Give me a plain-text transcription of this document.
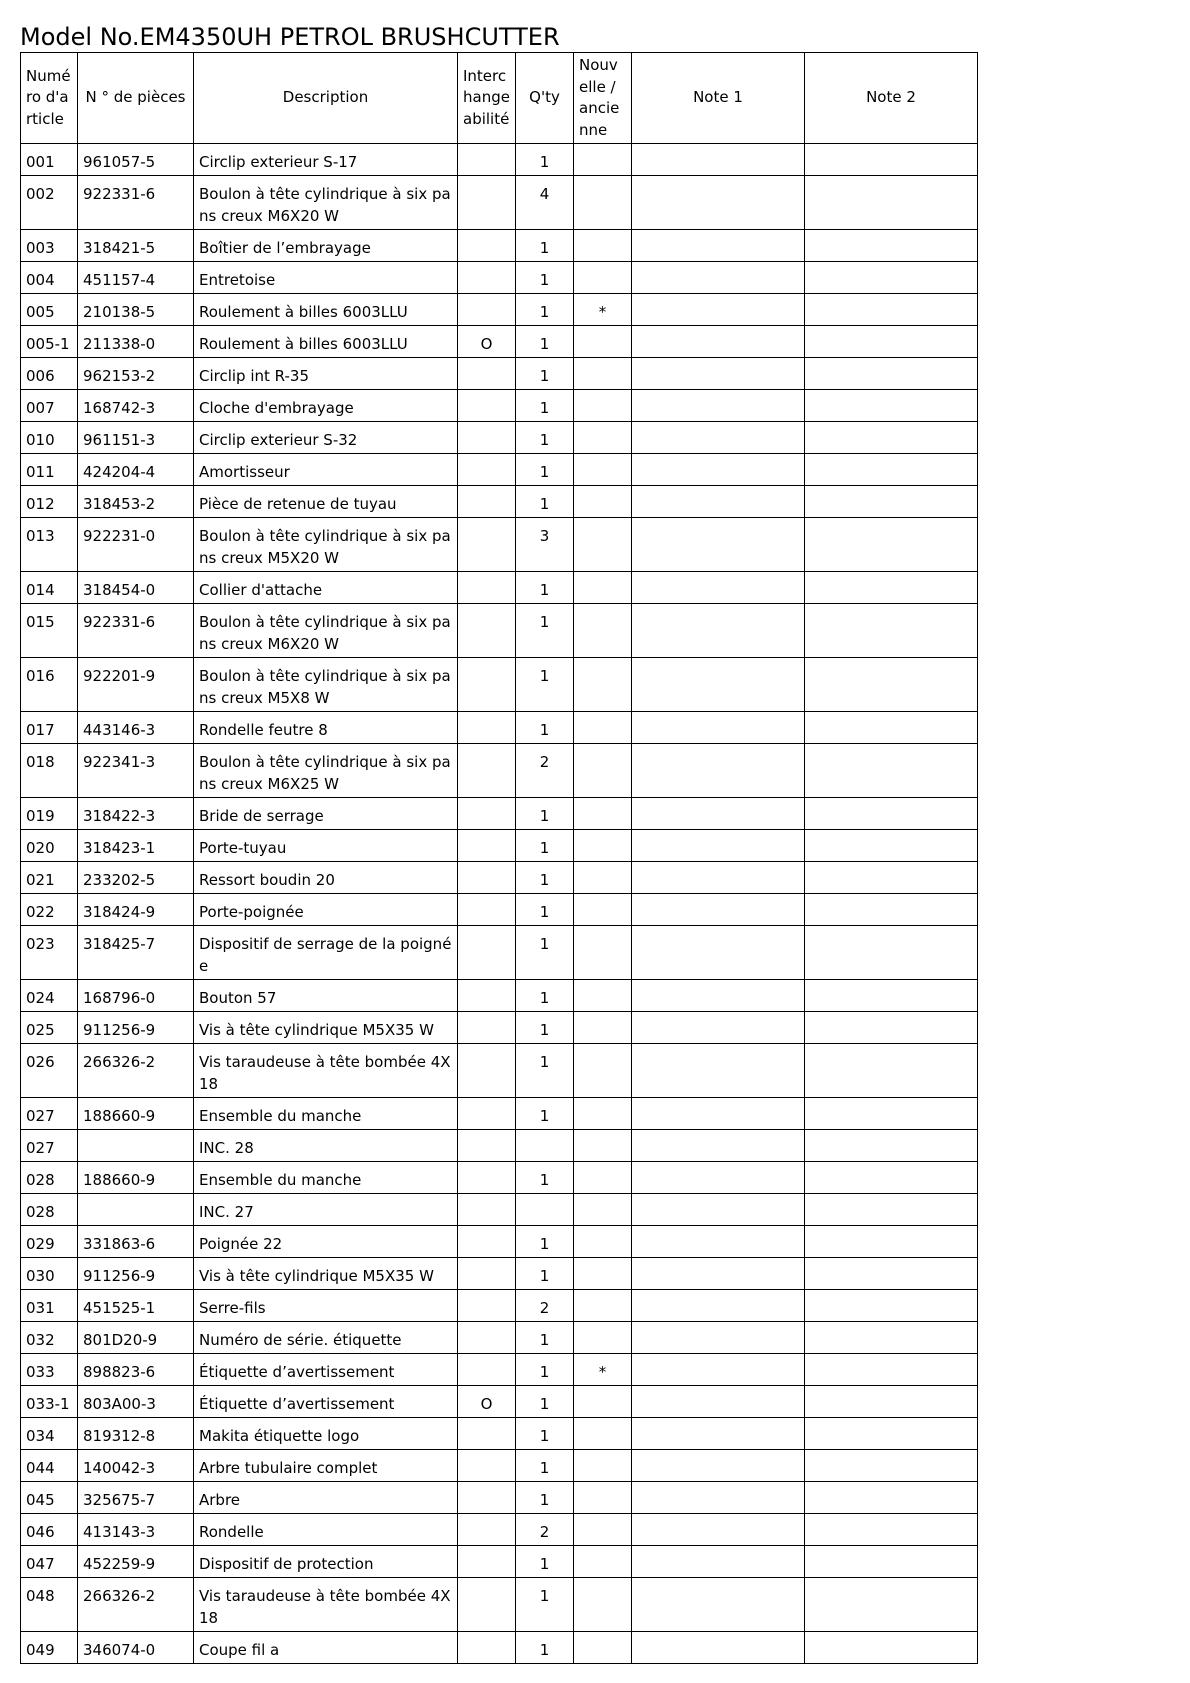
Model No.EM4350UH PETROL BRUSHCUTTER
Numéro d'article	N ° de pièces	Description	Interchangeabilité	Q'ty	Nouvelle / ancienne	Note 1	Note 2
001	961057-5	Circlip exterieur S-17		1			
002	922331-6	Boulon à tête cylindrique à six pans creux M6X20 W		4			
003	318421-5	Boîtier de l’embrayage		1			
004	451157-4	Entretoise		1			
005	210138-5	Roulement à billes 6003LLU		1	*		
005-1	211338-0	Roulement à billes 6003LLU	O	1			
006	962153-2	Circlip int R-35		1			
007	168742-3	Cloche d'embrayage		1			
010	961151-3	Circlip exterieur S-32		1			
011	424204-4	Amortisseur		1			
012	318453-2	Pièce de retenue de tuyau		1			
013	922231-0	Boulon à tête cylindrique à six pans creux M5X20 W		3			
014	318454-0	Collier d'attache		1			
015	922331-6	Boulon à tête cylindrique à six pans creux M6X20 W		1			
016	922201-9	Boulon à tête cylindrique à six pans creux M5X8 W		1			
017	443146-3	Rondelle feutre 8		1			
018	922341-3	Boulon à tête cylindrique à six pans creux M6X25 W		2			
019	318422-3	Bride de serrage		1			
020	318423-1	Porte-tuyau		1			
021	233202-5	Ressort boudin 20		1			
022	318424-9	Porte-poignée		1			
023	318425-7	Dispositif de serrage de la poignée		1			
024	168796-0	Bouton 57		1			
025	911256-9	Vis à tête cylindrique M5X35 W		1			
026	266326-2	Vis taraudeuse à tête bombée 4X18		1			
027	188660-9	Ensemble du manche		1			
027		INC. 28					
028	188660-9	Ensemble du manche		1			
028		INC. 27					
029	331863-6	Poignée 22		1			
030	911256-9	Vis à tête cylindrique M5X35 W		1			
031	451525-1	Serre-fils		2			
032	801D20-9	Numéro de série. étiquette		1			
033	898823-6	Étiquette d’avertissement		1	*		
033-1	803A00-3	Étiquette d’avertissement	O	1			
034	819312-8	Makita étiquette logo		1			
044	140042-3	Arbre tubulaire complet		1			
045	325675-7	Arbre		1			
046	413143-3	Rondelle		2			
047	452259-9	Dispositif de protection		1			
048	266326-2	Vis taraudeuse à tête bombée 4X18		1			
049	346074-0	Coupe fil a		1			
